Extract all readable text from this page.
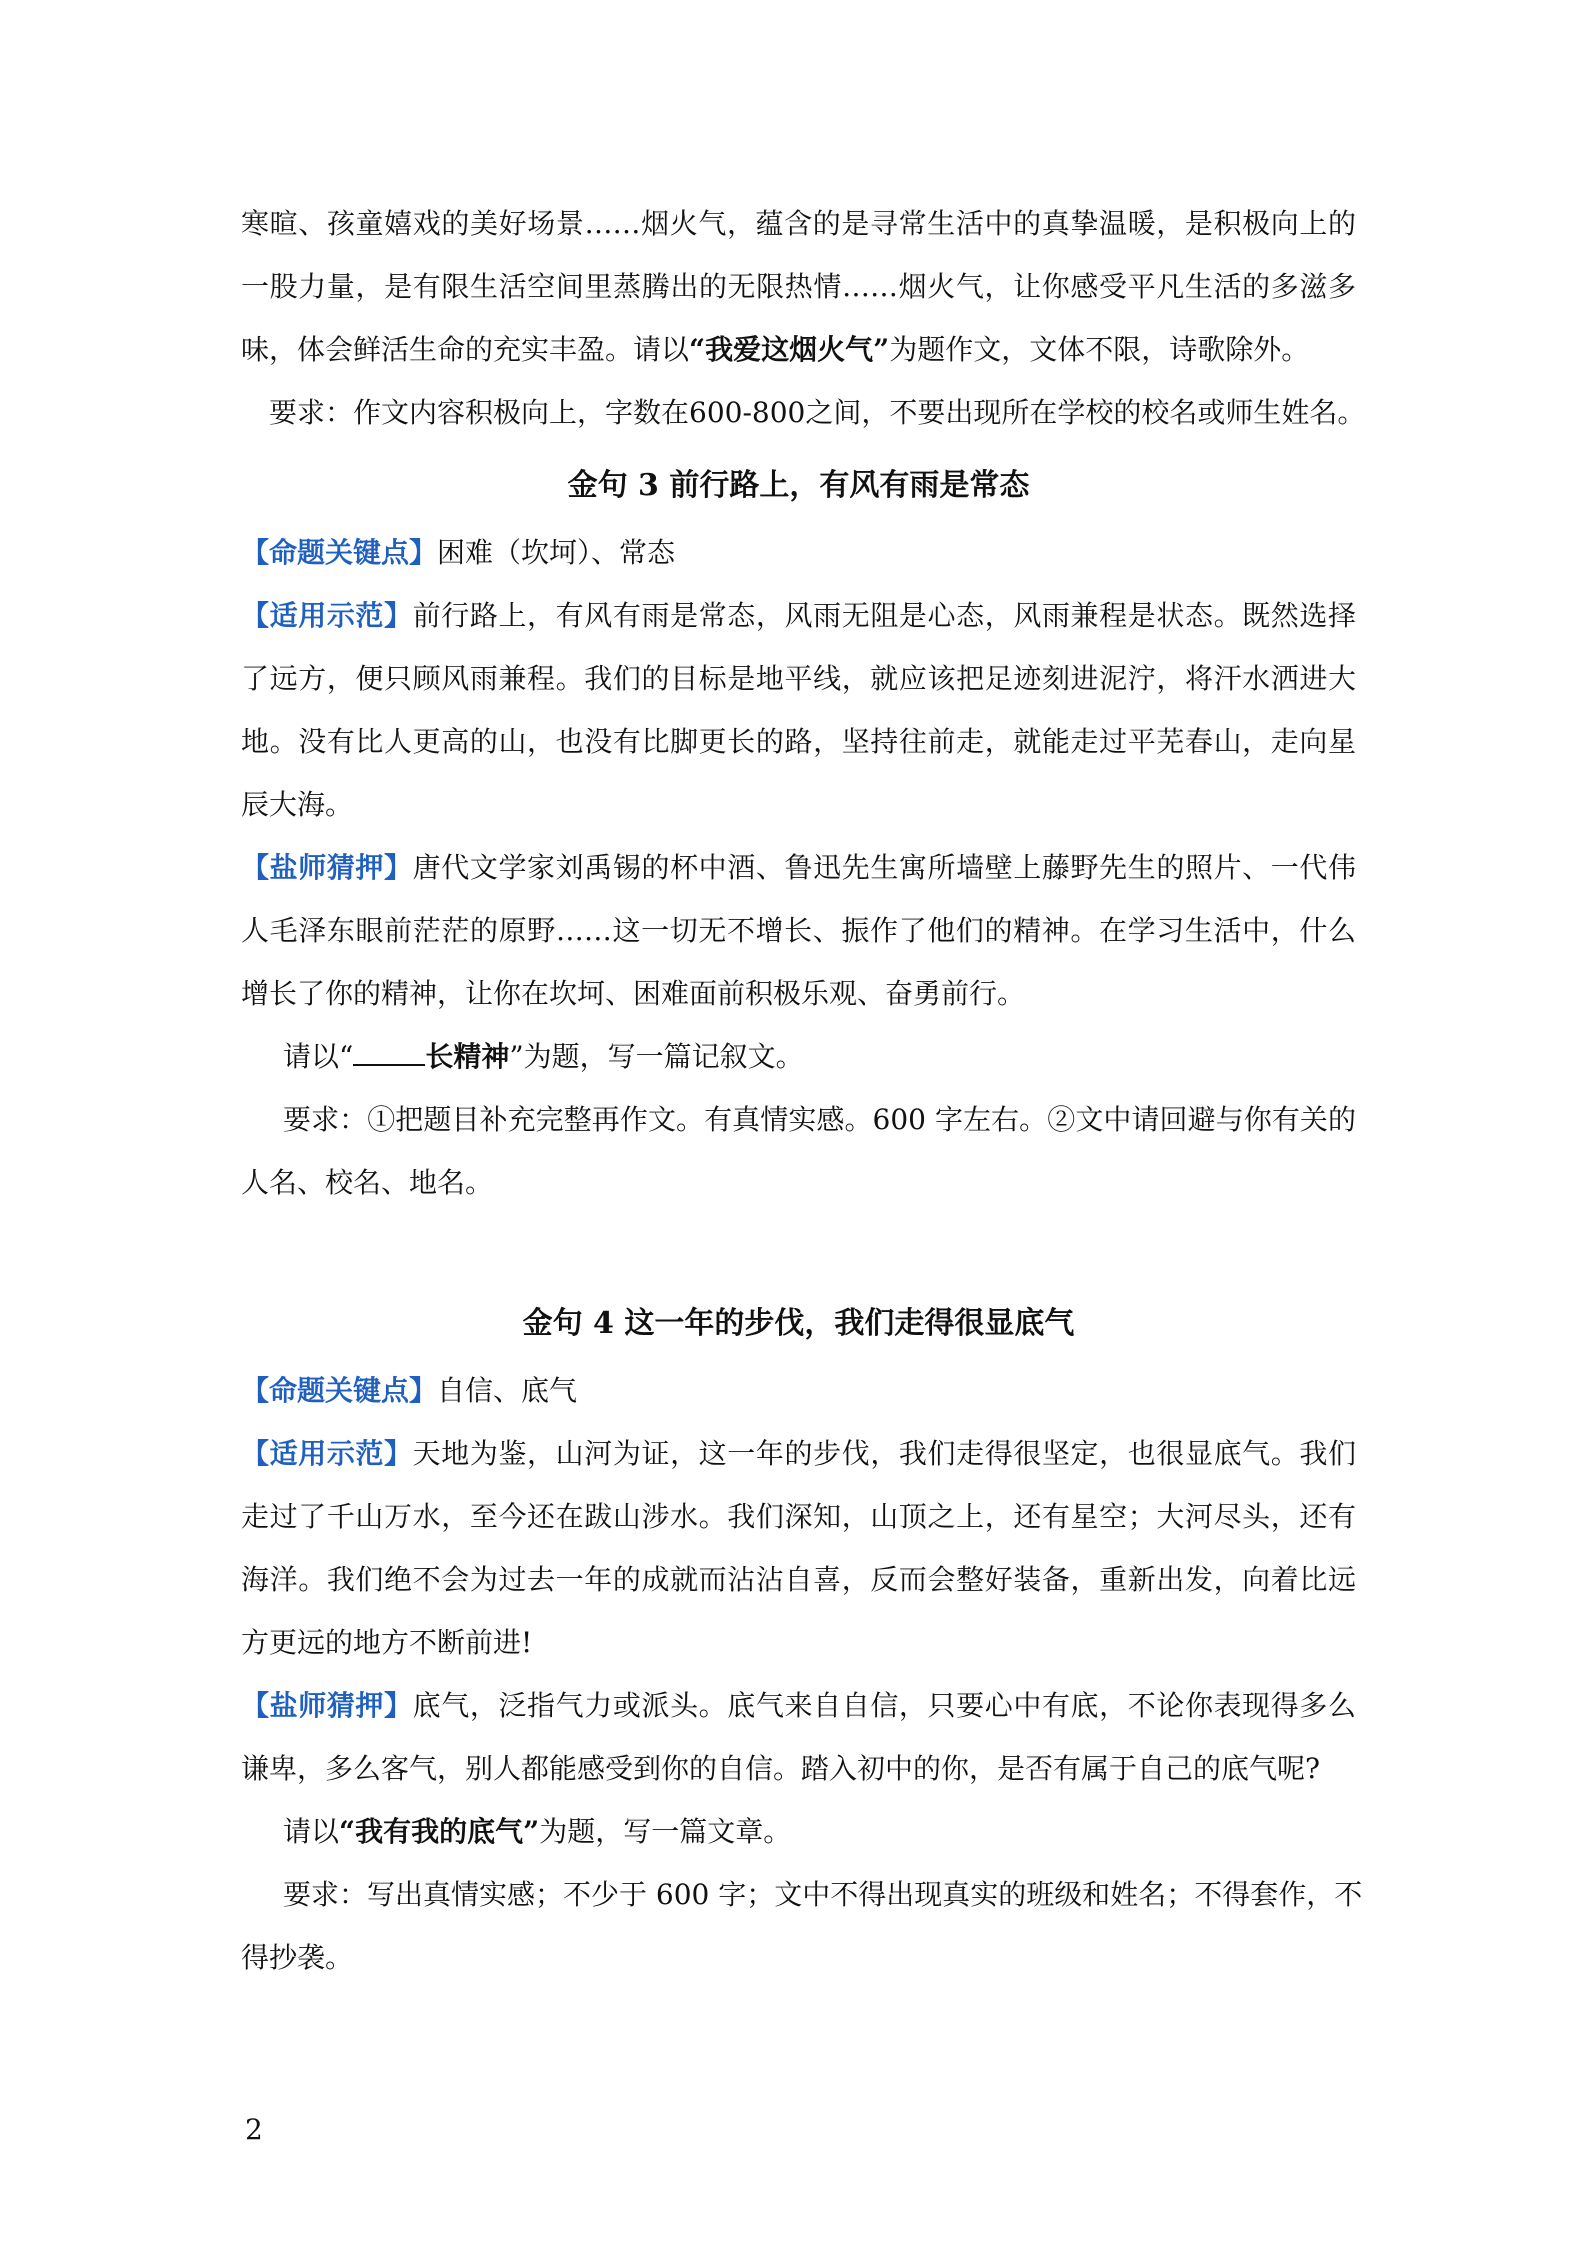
寒暄、孩童嬉戏的美好场景……烟火气，蕴含的是寻常生活中的真挚温暖，是积极向上的
一股力量，是有限生活空间里蒸腾出的无限热情……烟火气，让你感受平凡生活的多滋多
味，体会鲜活生命的充实丰盈。请以“我爱这烟火气”为题作文，文体不限，诗歌除外。
要求：作文内容积极向上，字数在600-800之间，不要出现所在学校的校名或师生姓名。
金句 3 前行路上，有风有雨是常态
【命题关键点】困难（坎坷）、常态
【适用示范】前行路上，有风有雨是常态，风雨无阻是心态，风雨兼程是状态。既然选择
了远方，便只顾风雨兼程。我们的目标是地平线，就应该把足迹刻进泥泞，将汗水洒进大
地。没有比人更高的山，也没有比脚更长的路，坚持往前走，就能走过平芜春山，走向星
辰大海。
【盐师猜押】唐代文学家刘禹锡的杯中酒、鲁迅先生寓所墙壁上藤野先生的照片、一代伟
人毛泽东眼前茫茫的原野……这一切无不增长、振作了他们的精神。在学习生活中，什么
增长了你的精神，让你在坎坷、困难面前积极乐观、奋勇前行。
请以“	长精神”为题，写一篇记叙文。
要求：①把题目补充完整再作文。有真情实感。600 字左右。②文中请回避与你有关的
人名、校名、地名。
金句 4 这一年的步伐，我们走得很显底气
【命题关键点】自信、底气
【适用示范】天地为鉴，山河为证，这一年的步伐，我们走得很坚定，也很显底气。我们
走过了千山万水，至今还在跋山涉水。我们深知，山顶之上，还有星空；大河尽头，还有
海洋。我们绝不会为过去一年的成就而沾沾自喜，反而会整好装备，重新出发，向着比远
方更远的地方不断前进!
【盐师猜押】底气，泛指气力或派头。底气来自自信，只要心中有底，不论你表现得多么
谦卑，多么客气，别人都能感受到你的自信。踏入初中的你，是否有属于自己的底气呢?
请以“我有我的底气”为题，写一篇文章。
要求：写出真情实感；不少于 600 字；文中不得出现真实的班级和姓名；不得套作，不
得抄袭。
2
